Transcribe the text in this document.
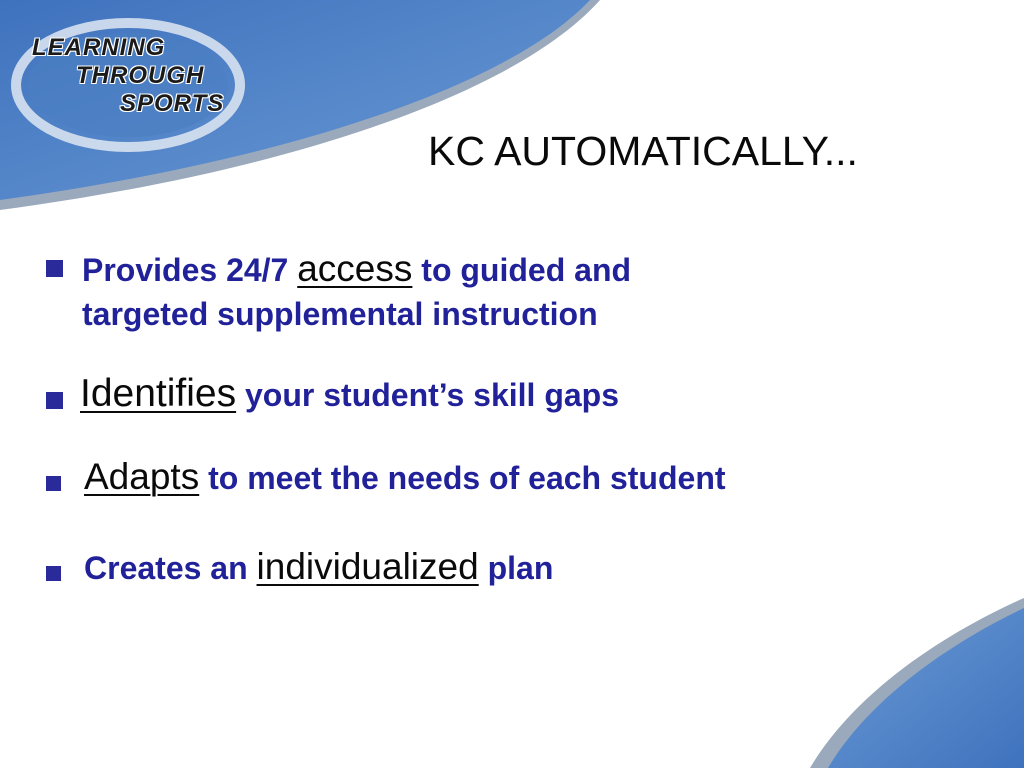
LEARNING
THROUGH
SPORTS
KC AUTOMATICALLY...
Provides 24/7 access to guided and
targeted supplemental instruction
Identifies your student’s skill gaps
Adapts to meet the needs of each student
Creates an individualized plan
